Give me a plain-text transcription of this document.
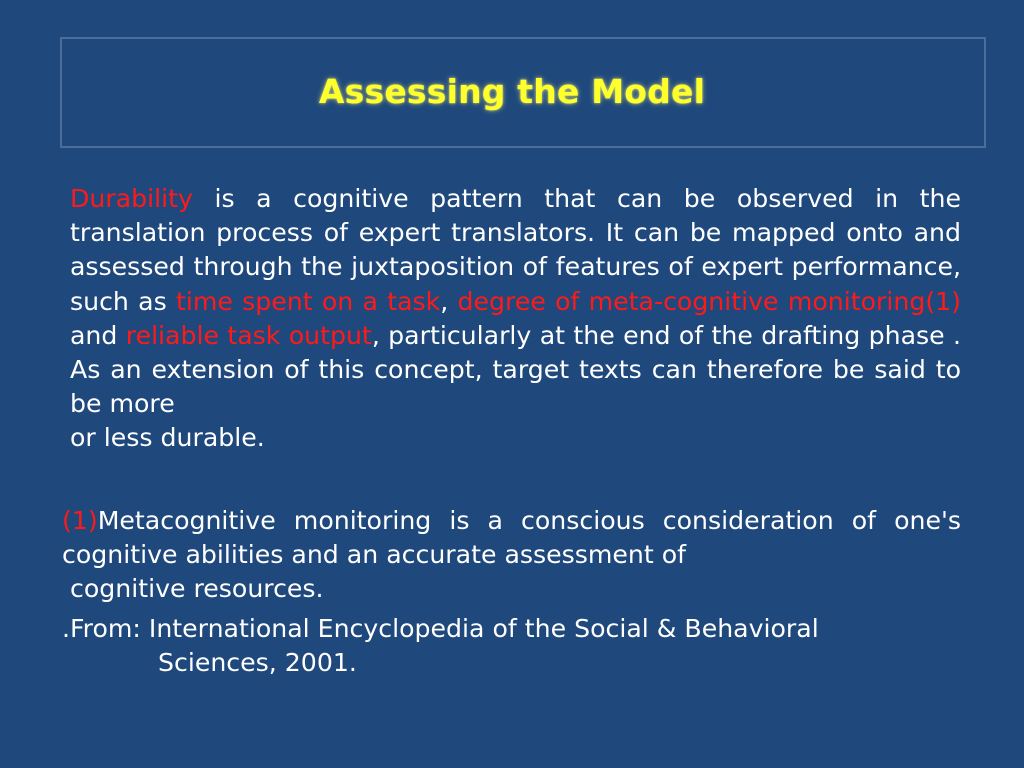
Assessing the Model

Durability is a cognitive pattern that can be observed in the translation process of expert translators. It can be mapped onto and assessed through the juxtaposition of features of expert performance, such as time spent on a task, degree of meta-cognitive monitoring(1) and reliable task output, particularly at the end of the drafting phase . As an extension of this concept, target texts can therefore be said to be more

or less durable.

(1)Metacognitive monitoring is a conscious consideration of one's cognitive abilities and an accurate assessment of

cognitive resources.

.From: International Encyclopedia of the Social & Behavioral

Sciences, 2001.
